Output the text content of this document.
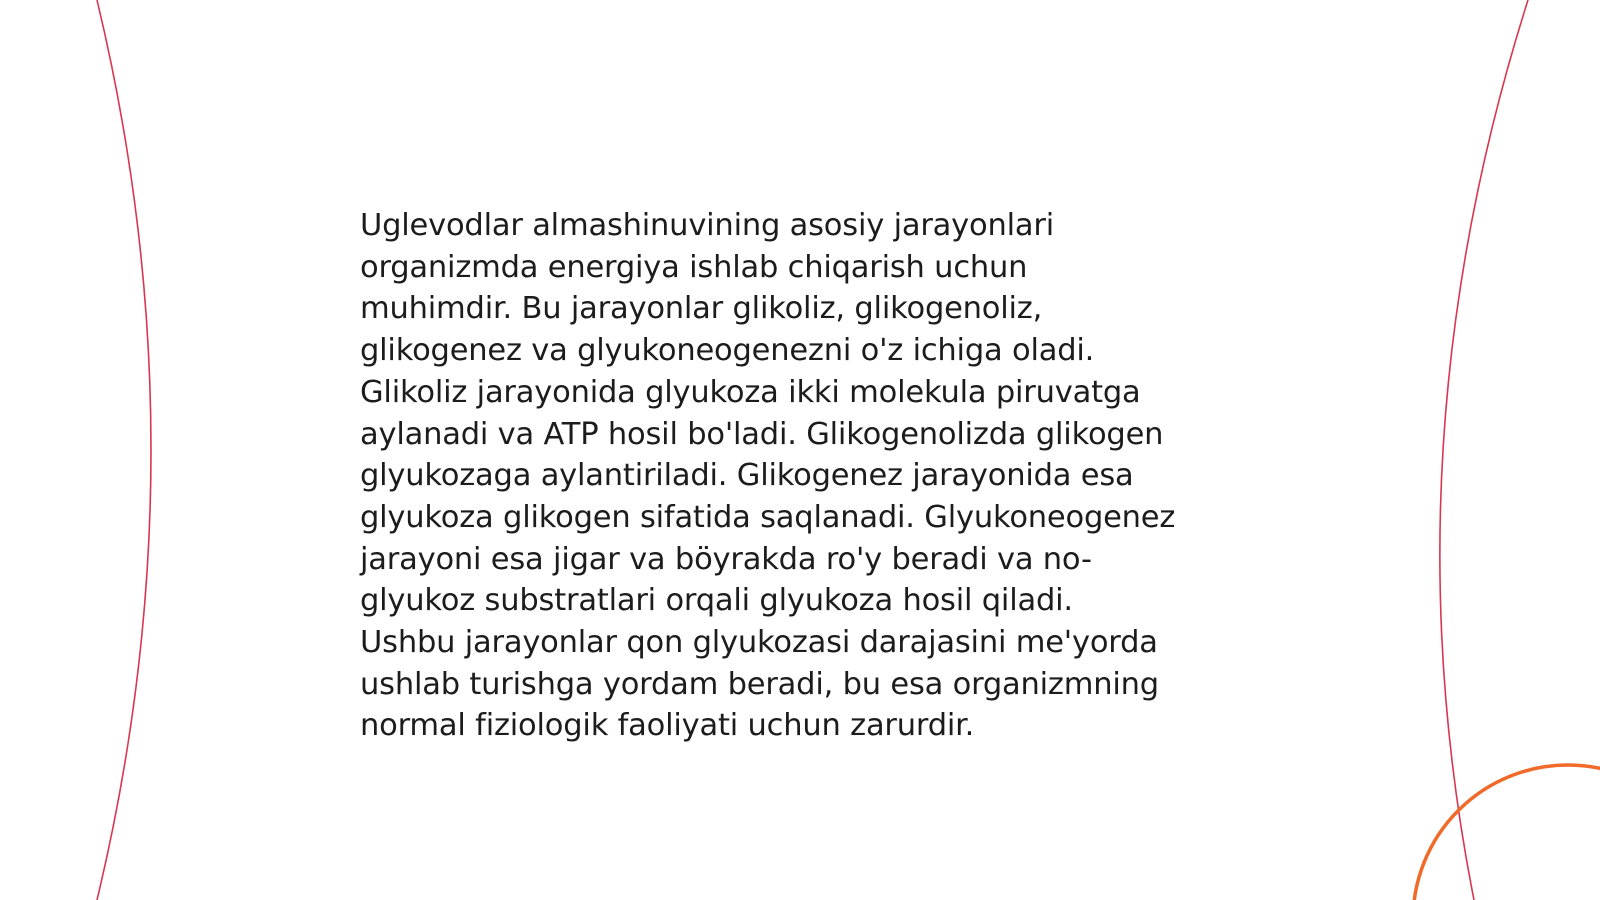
Uglevodlar almashinuvining asosiy jarayonlari
organizmda energiya ishlab chiqarish uchun
muhimdir. Bu jarayonlar glikoliz, glikogenoliz,
glikogenez va glyukoneogenezni o'z ichiga oladi.
Glikoliz jarayonida glyukoza ikki molekula piruvatga
aylanadi va ATP hosil bo'ladi. Glikogenolizda glikogen
glyukozaga aylantiriladi. Glikogenez jarayonida esa
glyukoza glikogen sifatida saqlanadi. Glyukoneogenez
jarayoni esa jigar va böyrakda ro'y beradi va no-
glyukoz substratlari orqali glyukoza hosil qiladi.
Ushbu jarayonlar qon glyukozasi darajasini me'yorda
ushlab turishga yordam beradi, bu esa organizmning
normal fiziologik faoliyati uchun zarurdir.
